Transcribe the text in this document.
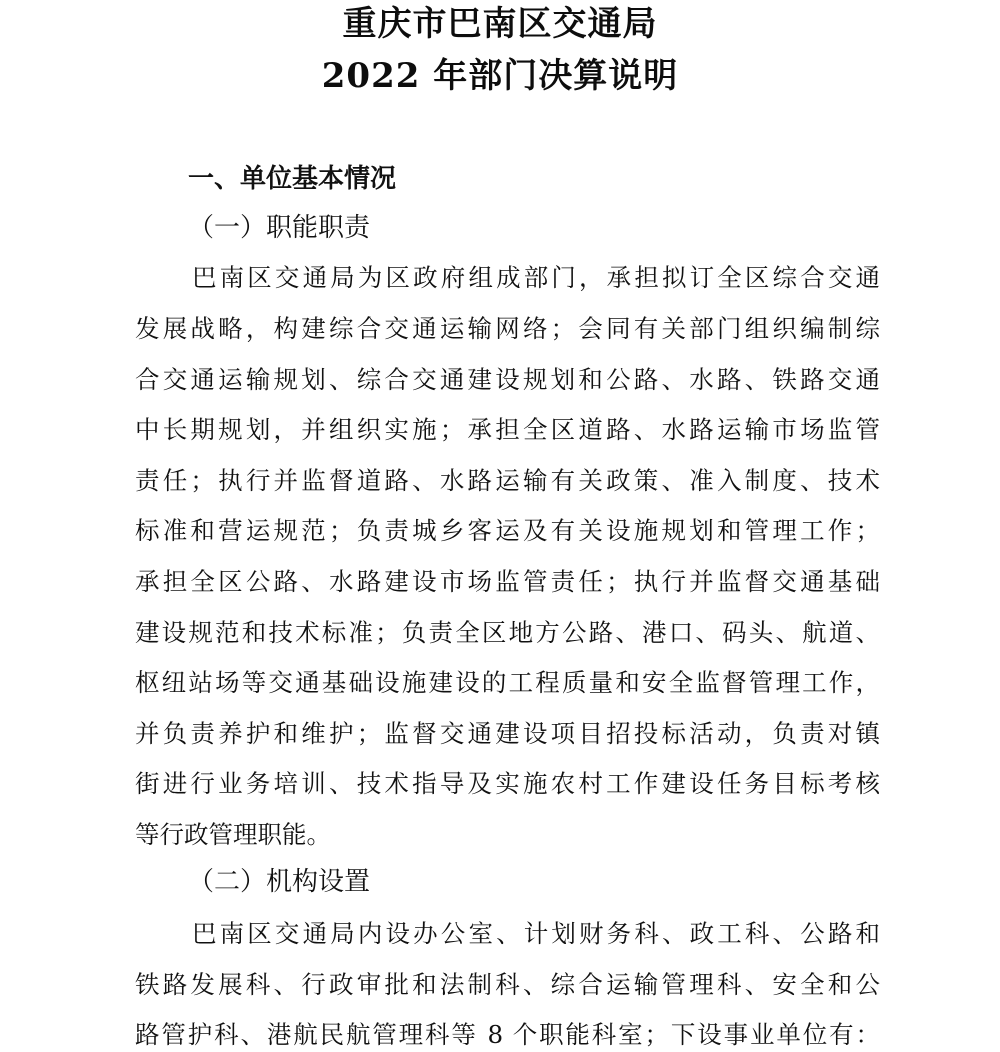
重庆市巴南区交通局
2022 年部门决算说明
一、单位基本情况
（一）职能职责
巴南区交通局为区政府组成部门，承担拟订全区综合交通
发展战略，构建综合交通运输网络；会同有关部门组织编制综
合交通运输规划、综合交通建设规划和公路、水路、铁路交通
中长期规划，并组织实施；承担全区道路、水路运输市场监管
责任；执行并监督道路、水路运输有关政策、准入制度、技术
标准和营运规范；负责城乡客运及有关设施规划和管理工作；
承担全区公路、水路建设市场监管责任；执行并监督交通基础
建设规范和技术标准；负责全区地方公路、港口、码头、航道、
枢纽站场等交通基础设施建设的工程质量和安全监督管理工作，
并负责养护和维护；监督交通建设项目招投标活动，负责对镇
街进行业务培训、技术指导及实施农村工作建设任务目标考核
等行政管理职能。
（二）机构设置
巴南区交通局内设办公室、计划财务科、政工科、公路和
铁路发展科、行政审批和法制科、综合运输管理科、安全和公
路管护科、港航民航管理科等 8 个职能科室；下设事业单位有：
